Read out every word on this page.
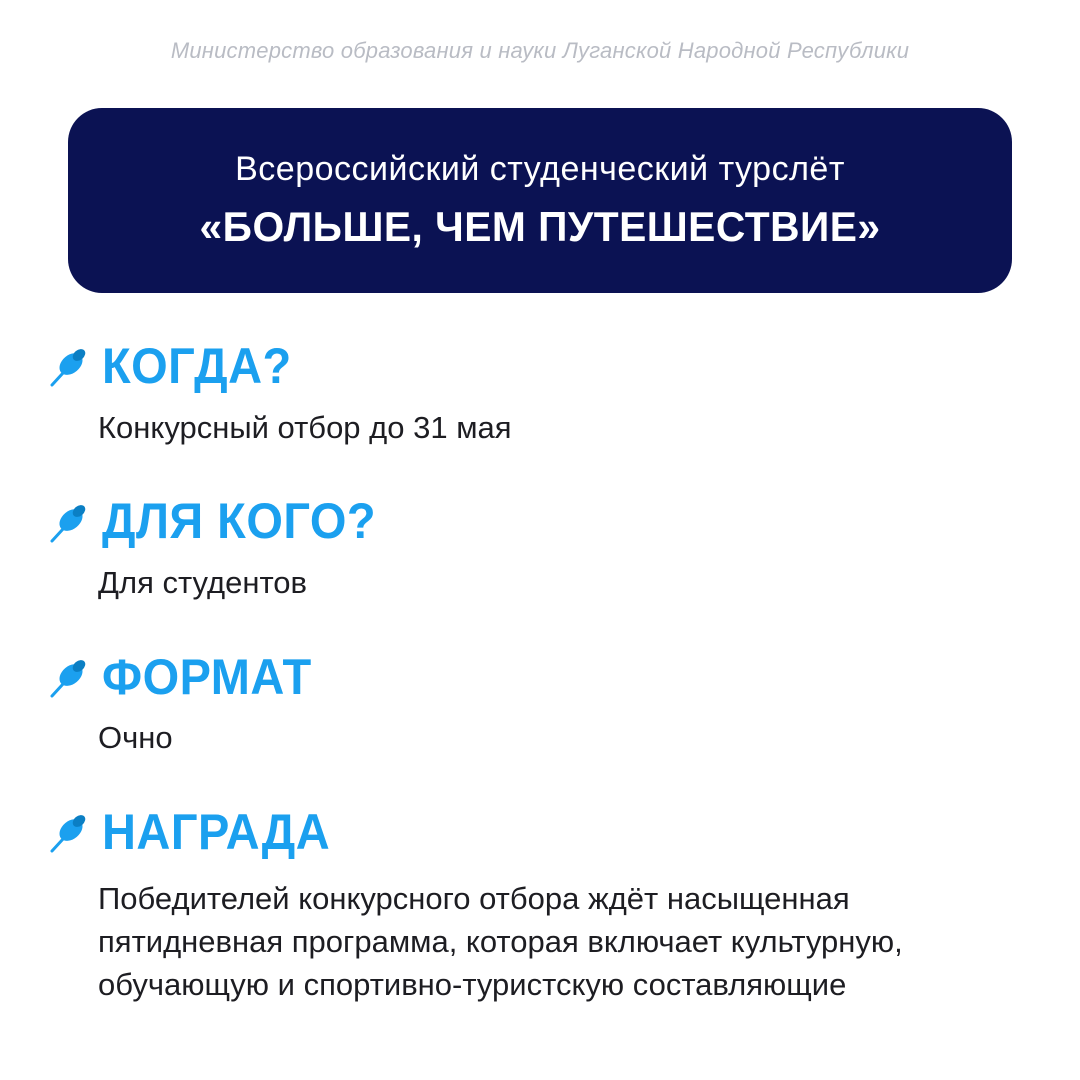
Министерство образования и науки Луганской Народной Республики
Всероссийский студенческий турслёт
«БОЛЬШЕ, ЧЕМ ПУТЕШЕСТВИЕ»
КОГДА?
Конкурсный отбор до 31 мая
ДЛЯ КОГО?
Для студентов
ФОРМАТ
Очно
НАГРАДА
Победителей конкурсного отбора ждёт насыщенная пятидневная программа, которая включает культурную, обучающую и спортивно-туристскую составляющие
